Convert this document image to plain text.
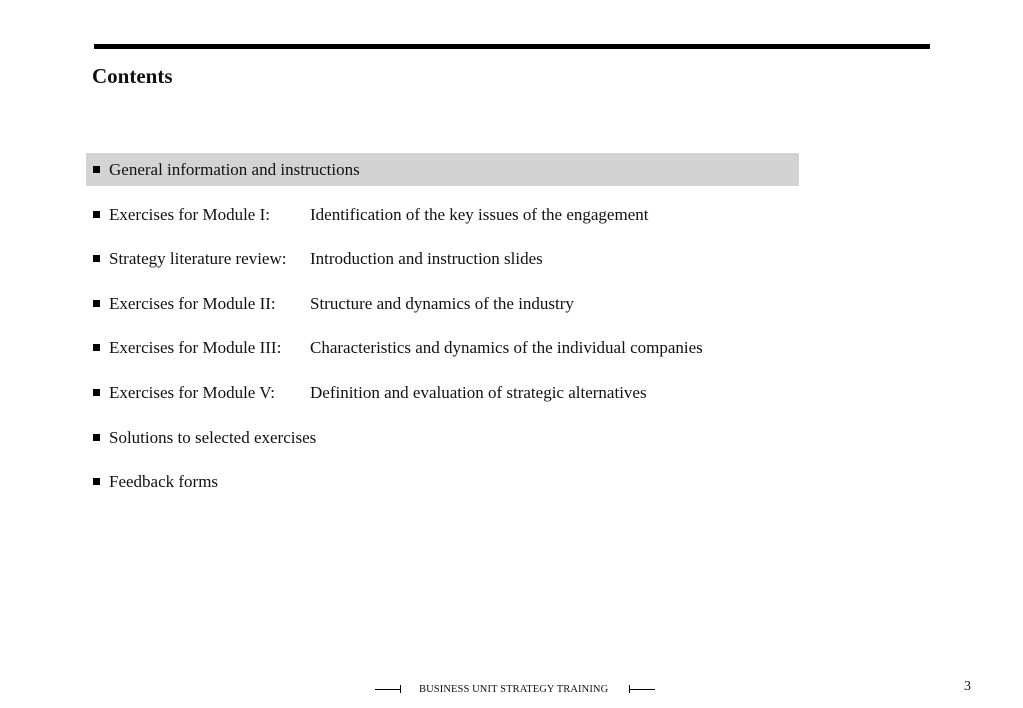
Contents
General information and instructions
Exercises for Module I: Identification of the key issues of the engagement
Strategy literature review: Introduction and instruction slides
Exercises for Module II: Structure and dynamics of the industry
Exercises for Module III: Characteristics and dynamics of the individual companies
Exercises for Module V: Definition and evaluation of strategic alternatives
Solutions to selected exercises
Feedback forms
BUSINESS UNIT STRATEGY TRAINING	3
